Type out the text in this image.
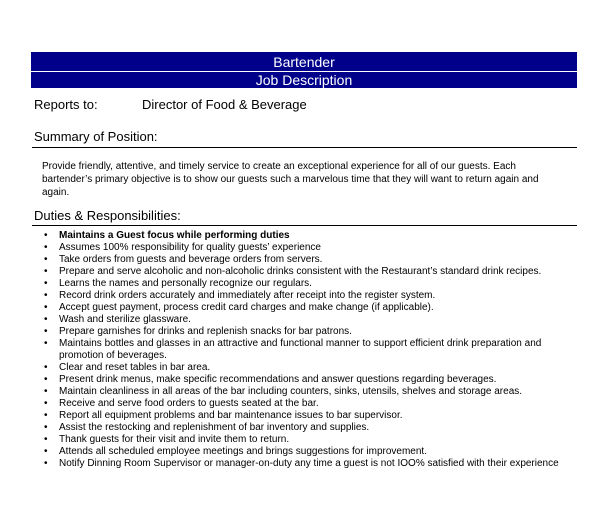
Bartender
Job Description
Reports to:	Director of Food & Beverage
Summary of Position:
Provide friendly, attentive, and timely service to create an exceptional experience for all of our guests. Each bartender’s primary objective is to show our guests such a marvelous time that they will want to return again and again.
Duties & Responsibilities:
• Maintains a Guest focus while performing duties
• Assumes 100% responsibility for quality guests’ experience
• Take orders from guests and beverage orders from servers.
• Prepare and serve alcoholic and non-alcoholic drinks consistent with the Restaurant’s standard drink recipes.
• Learns the names and personally recognize our regulars.
• Record drink orders accurately and immediately after receipt into the register system.
• Accept guest payment, process credit card charges and make change (if applicable).
• Wash and sterilize glassware.
• Prepare garnishes for drinks and replenish snacks for bar patrons.
• Maintains bottles and glasses in an attractive and functional manner to support efficient drink preparation and promotion of beverages.
• Clear and reset tables in bar area.
• Present drink menus, make specific recommendations and answer questions regarding beverages.
• Maintain cleanliness in all areas of the bar including counters, sinks, utensils, shelves and storage areas.
• Receive and serve food orders to guests seated at the bar.
• Report all equipment problems and bar maintenance issues to bar supervisor.
• Assist the restocking and replenishment of bar inventory and supplies.
• Thank guests for their visit and invite them to return.
• Attends all scheduled employee meetings and brings suggestions for improvement.
• Notify Dinning Room Supervisor or manager-on-duty any time a guest is not IOO% satisfied with their experience
